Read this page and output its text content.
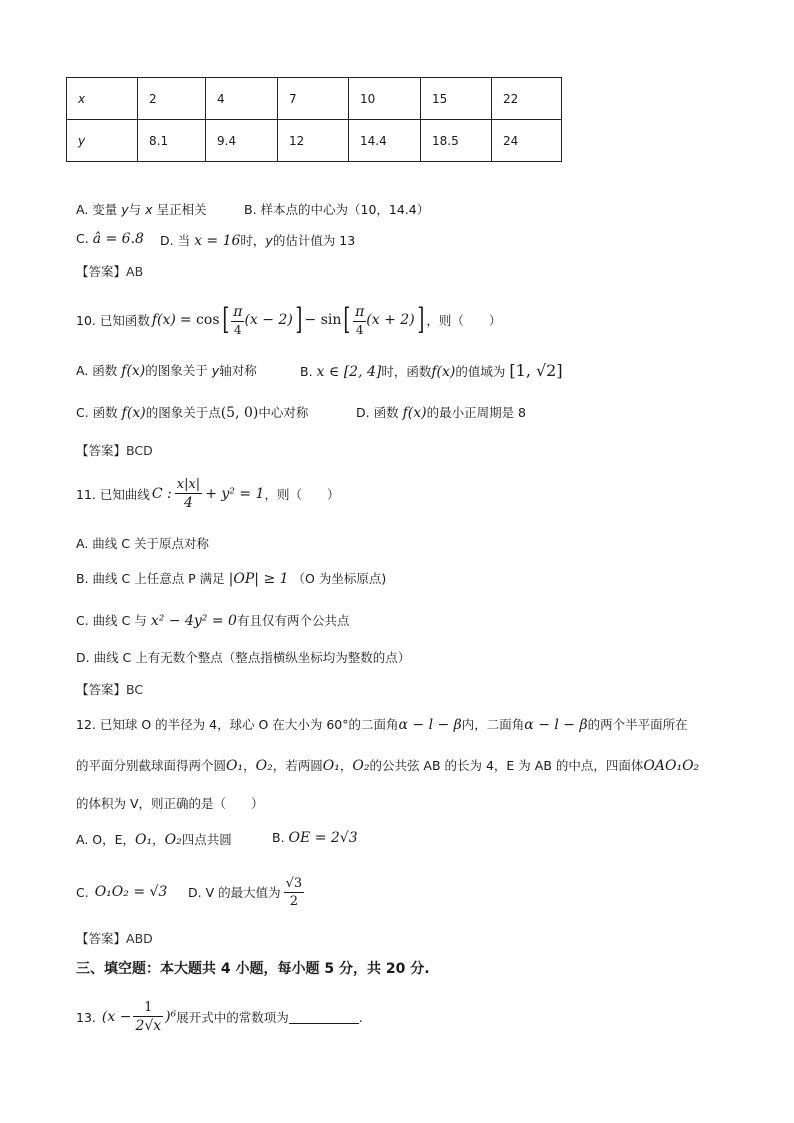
x	2	4	7	10	15	22
y	8.1	9.4	12	14.4	18.5	24
A. 变量 y与 x 呈正相关	B. 样本点的中心为（10，14.4）
C. â = 6.8 D. 当 x = 16时，y的估计值为 13
【答案】AB
10. 已知函数 f(x) = cos [ $\frac{\pi}{4} (x - 2)$ ] − sin [ $\frac{\pi}{4} (x + 2)$ ] ，则（　　）
A. 函数 f(x)的图象关于 y轴对称	B. x ∈ [2, 4]时，函数f(x)的值域为 [1, √2]
C. 函数 f(x)的图象关于点(5, 0)中心对称	D. 函数 f(x)的最小正周期是 8
【答案】BCD
11. 已知曲线 C : $\frac{x|x|}{4} + y^2 = 1$ ，则（　　）
A. 曲线 C 关于原点对称
B. 曲线 C 上任意点 P 满足 |OP| ≥ 1 （O 为坐标原点)
C. 曲线 C 与 x² − 4y² = 0有且仅有两个公共点
D. 曲线 C 上有无数个整点（整点指横纵坐标均为整数的点）
【答案】BC
12. 已知球 O 的半径为 4，球心 O 在大小为 60°的二面角α − l − β内，二面角α − l − β的两个半平面所在
的平面分别截球面得两个圆O₁，O₂，若两圆O₁，O₂的公共弦 AB 的长为 4，E 为 AB 的中点，四面体OAO₁O₂
的体积为 V，则正确的是（　　）
A. O，E，O₁，O₂四点共圆	B. OE = 2√3
C. O₁O₂ = √3 D. V 的最大值为 $\frac{√3}{2}$
【答案】ABD
三、填空题：本大题共 4 小题，每小题 5 分，共 20 分.
13. $(x - \frac{1}{2√x} )^6$ 展开式中的常数项为	.
